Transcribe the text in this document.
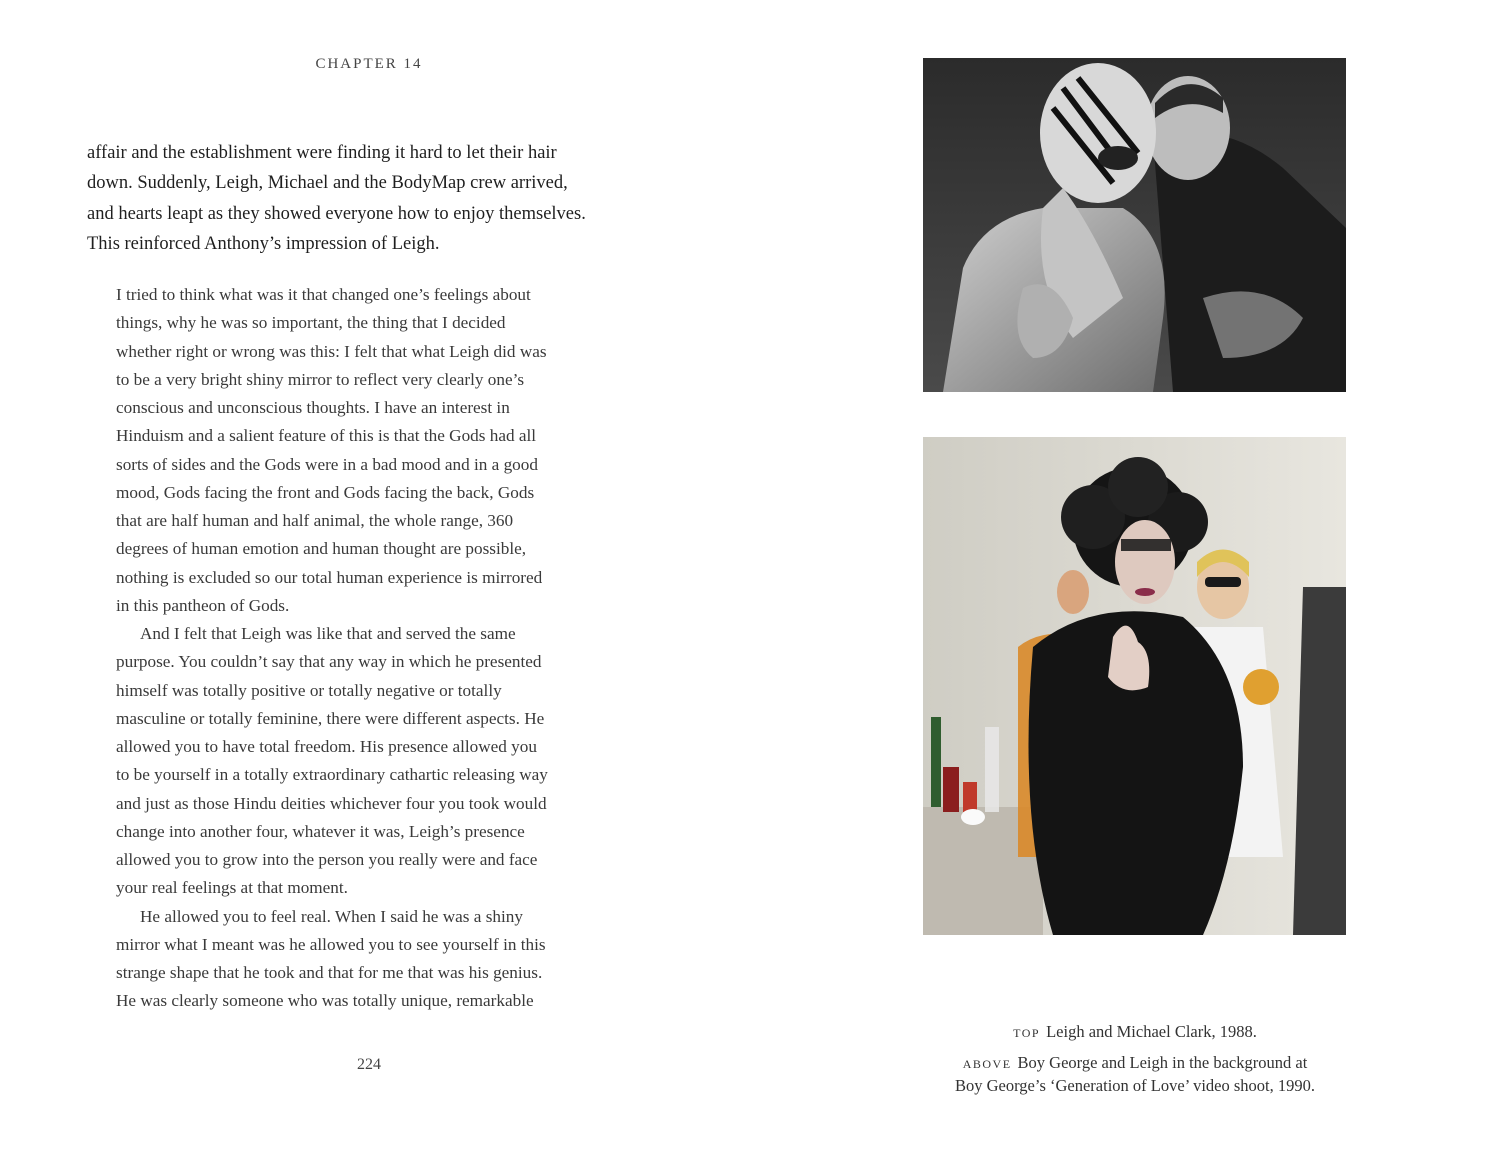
CHAPTER 14
affair and the establishment were finding it hard to let their hair
down. Suddenly, Leigh, Michael and the BodyMap crew arrived,
and hearts leapt as they showed everyone how to enjoy themselves.
This reinforced Anthony’s impression of Leigh.

I tried to think what was it that changed one’s feelings about
things, why he was so important, the thing that I decided
whether right or wrong was this: I felt that what Leigh did was
to be a very bright shiny mirror to reflect very clearly one’s
conscious and unconscious thoughts. I have an interest in
Hinduism and a salient feature of this is that the Gods had all
sorts of sides and the Gods were in a bad mood and in a good
mood, Gods facing the front and Gods facing the back, Gods
that are half human and half animal, the whole range, 360
degrees of human emotion and human thought are possible,
nothing is excluded so our total human experience is mirrored
in this pantheon of Gods.

And I felt that Leigh was like that and served the same
purpose. You couldn’t say that any way in which he presented
himself was totally positive or totally negative or totally
masculine or totally feminine, there were different aspects. He
allowed you to have total freedom. His presence allowed you
to be yourself in a totally extraordinary cathartic releasing way
and just as those Hindu deities whichever four you took would
change into another four, whatever it was, Leigh’s presence
allowed you to grow into the person you really were and face
your real feelings at that moment.

He allowed you to feel real. When I said he was a shiny
mirror what I meant was he allowed you to see yourself in this
strange shape that he took and that for me that was his genius.
He was clearly someone who was totally unique, remarkable

224

TOP Leigh and Michael Clark, 1988.

ABOVE Boy George and Leigh in the background at
Boy George’s ‘Generation of Love’ video shoot, 1990.
